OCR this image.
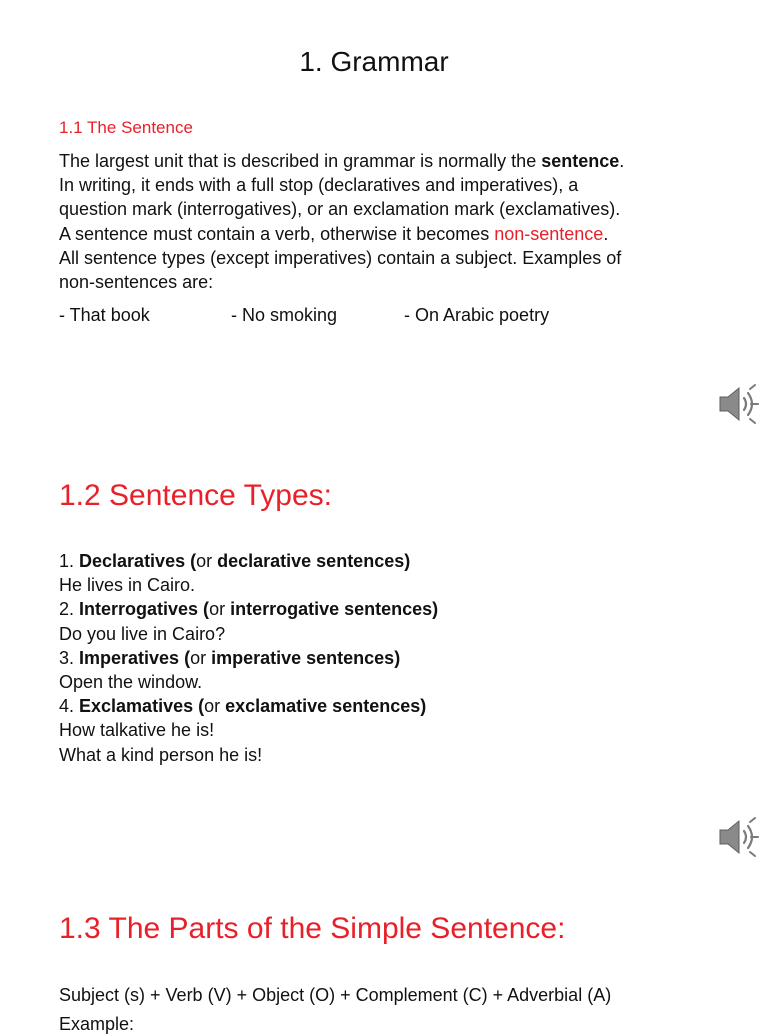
1. Grammar
1.1 The Sentence
The largest unit that is described in grammar is normally the sentence.
In writing, it ends with a full stop (declaratives and imperatives), a
question mark (interrogatives), or an exclamation mark (exclamatives).
A sentence must contain a verb, otherwise it becomes non-sentence.
All sentence types (except imperatives) contain a subject. Examples of
non-sentences are:
- That book	- No smoking	- On Arabic poetry
1.2 Sentence Types:
1. Declaratives (or declarative sentences)
He lives in Cairo.
2. Interrogatives (or interrogative sentences)
Do you live in Cairo?
3. Imperatives (or imperative sentences)
Open the window.
4. Exclamatives (or exclamative sentences)
How talkative he is!
What a kind person he is!
1.3 The Parts of the Simple Sentence:
Subject (s) + Verb (V) + Object (O) + Complement (C) + Adverbial (A)
Example:
